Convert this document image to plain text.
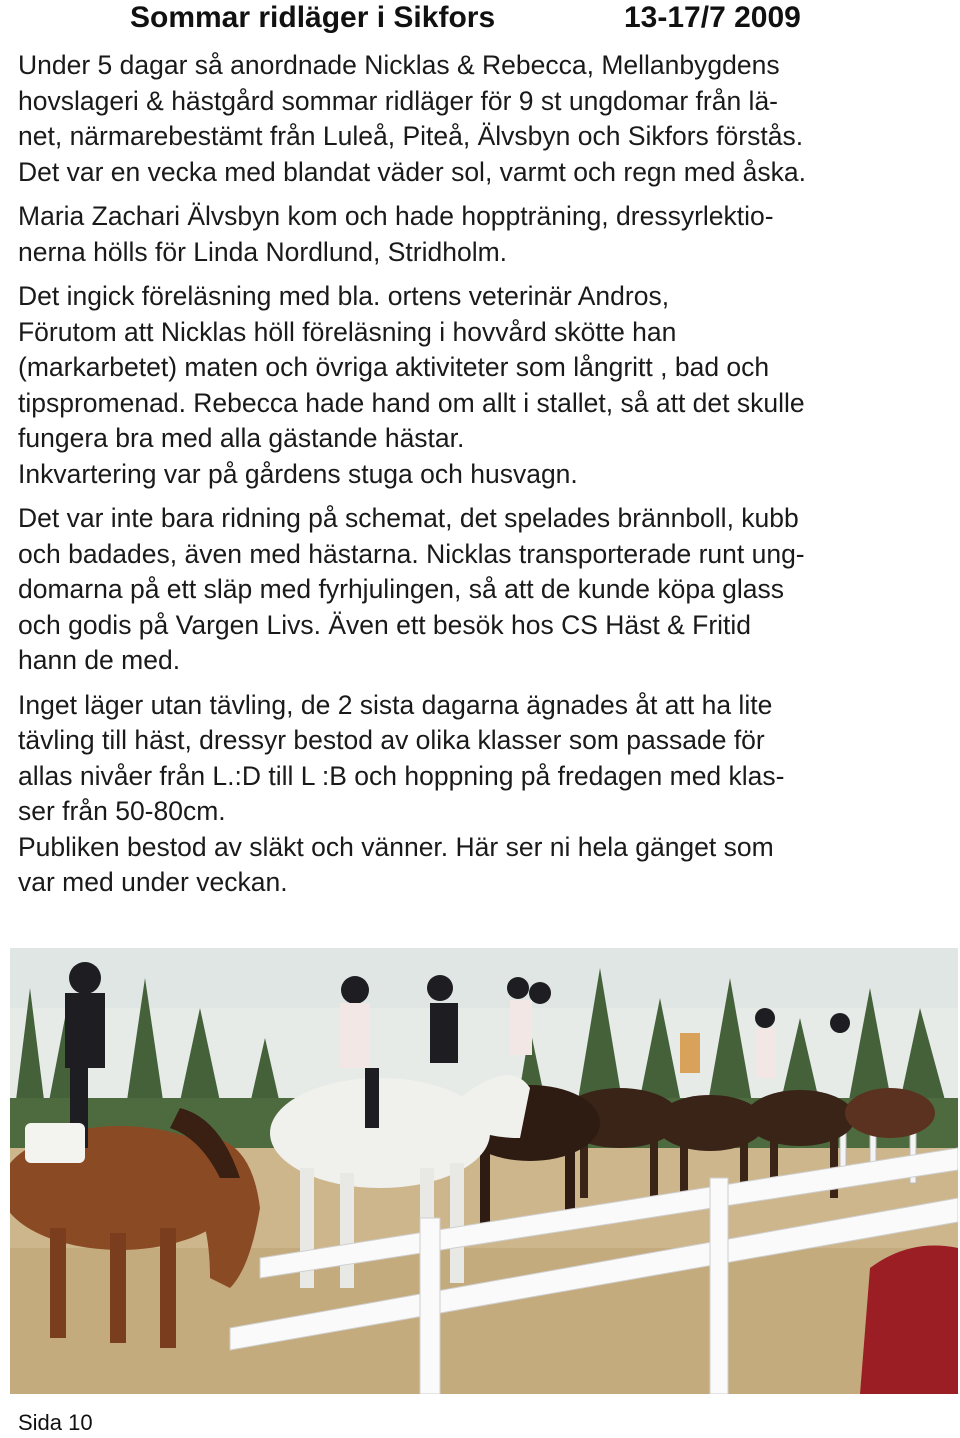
Sommar ridläger i Sikfors	13-17/7 2009

Under 5 dagar så anordnade Nicklas & Rebecca, Mellanbygdens
hovslageri & hästgård sommar ridläger för 9 st ungdomar från lä-
net, närmarebestämt från Luleå, Piteå, Älvsbyn och Sikfors förstås.
Det var en vecka med blandat väder sol, varmt och regn med åska.

Maria Zachari Älvsbyn kom och hade hoppträning, dressyrlektio-
nerna hölls för Linda Nordlund, Stridholm.

Det ingick föreläsning med bla. ortens veterinär Andros,
Förutom att Nicklas höll föreläsning i hovvård skötte han
(markarbetet) maten och övriga aktiviteter som långritt , bad och
tipspromenad. Rebecca hade hand om allt i stallet, så att det skulle
fungera bra med alla gästande hästar.
Inkvartering var på gårdens stuga och husvagn.

Det var inte bara ridning på schemat, det spelades brännboll, kubb
och badades, även med hästarna. Nicklas transporterade runt ung-
domarna på ett släp med fyrhjulingen, så att de kunde köpa glass
och godis på Vargen Livs. Även ett besök hos CS Häst & Fritid
hann de med.

Inget läger utan tävling, de 2 sista dagarna ägnades åt att ha lite
tävling till häst, dressyr bestod av olika klasser som passade för
allas nivåer från L.:D till L :B och hoppning på fredagen med klas-
ser från 50-80cm.
Publiken bestod av släkt och vänner. Här ser ni hela gänget som
var med under veckan.

Sida 10
